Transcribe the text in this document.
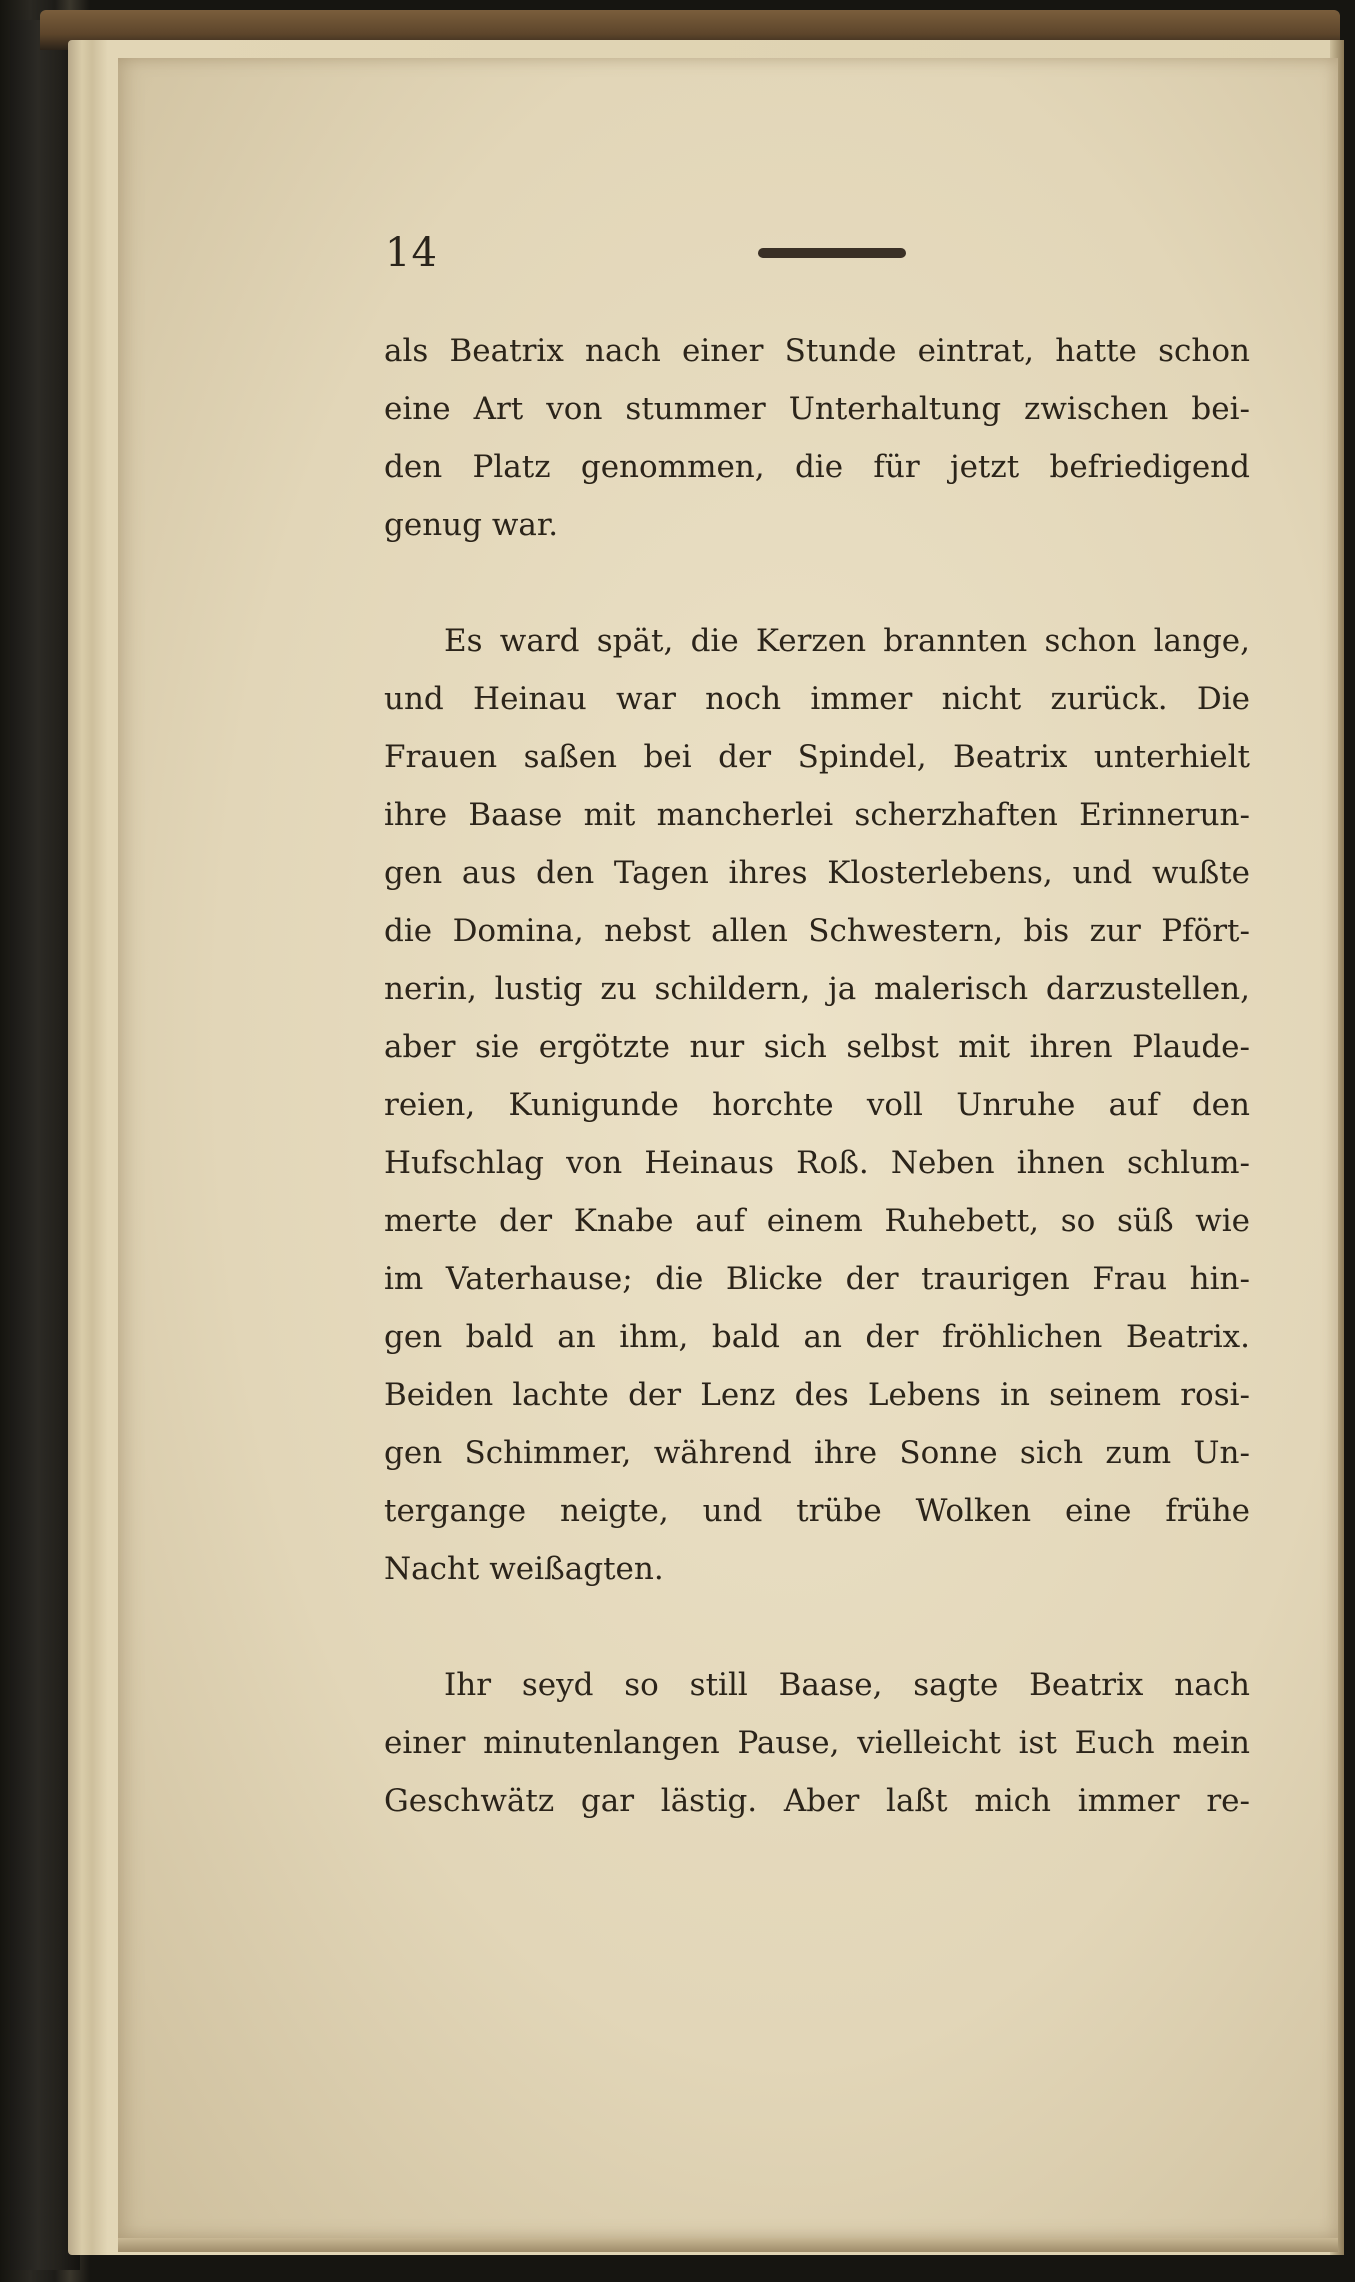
14
als Beatrix nach einer Stunde eintrat, hatte schon
eine Art von stummer Unterhaltung zwischen bei-
den Platz genommen, die für jetzt befriedigend
genug war.
Es ward spät, die Kerzen brannten schon lange,
und Heinau war noch immer nicht zurück. Die
Frauen saßen bei der Spindel, Beatrix unterhielt
ihre Baase mit mancherlei scherzhaften Erinnerun-
gen aus den Tagen ihres Klosterlebens, und wußte
die Domina, nebst allen Schwestern, bis zur Pfört-
nerin, lustig zu schildern, ja malerisch darzustellen,
aber sie ergötzte nur sich selbst mit ihren Plaude-
reien, Kunigunde horchte voll Unruhe auf den
Hufschlag von Heinaus Roß. Neben ihnen schlum-
merte der Knabe auf einem Ruhebett, so süß wie
im Vaterhause; die Blicke der traurigen Frau hin-
gen bald an ihm, bald an der fröhlichen Beatrix.
Beiden lachte der Lenz des Lebens in seinem rosi-
gen Schimmer, während ihre Sonne sich zum Un-
tergange neigte, und trübe Wolken eine frühe
Nacht weißagten.
Ihr seyd so still Baase, sagte Beatrix nach
einer minutenlangen Pause, vielleicht ist Euch mein
Geschwätz gar lästig. Aber laßt mich immer re-
